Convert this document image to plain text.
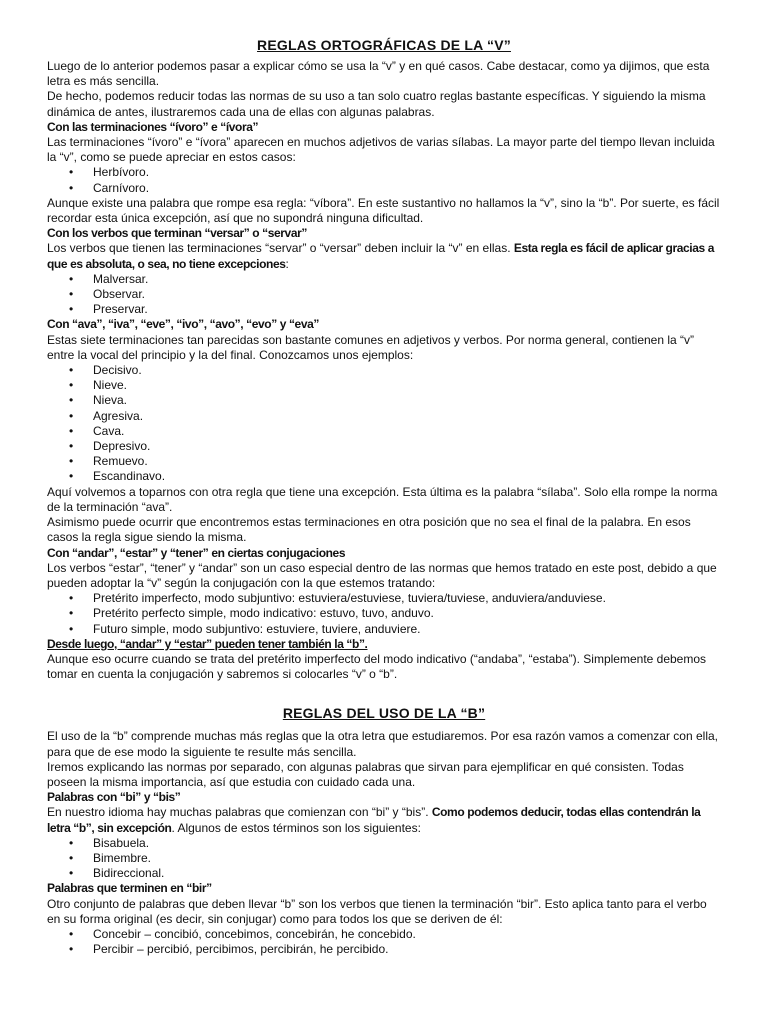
REGLAS ORTOGRÁFICAS DE LA “V”

Luego de lo anterior podemos pasar a explicar cómo se usa la “v” y en qué casos. Cabe destacar, como ya dijimos, que esta letra es más sencilla.

De hecho, podemos reducir todas las normas de su uso a tan solo cuatro reglas bastante específicas. Y siguiendo la misma dinámica de antes, ilustraremos cada una de ellas con algunas palabras.

Con las terminaciones “ívoro” e “ívora”

Las terminaciones “ívoro” e “ívora” aparecen en muchos adjetivos de varias sílabas. La mayor parte del tiempo llevan incluida la “v”, como se puede apreciar en estos casos:

• Herbívoro.
• Carnívoro.

Aunque existe una palabra que rompe esa regla: “víbora”. En este sustantivo no hallamos la “v”, sino la “b”. Por suerte, es fácil recordar esta única excepción, así que no supondrá ninguna dificultad.

Con los verbos que terminan “versar” o “servar”

Los verbos que tienen las terminaciones “servar” o “versar” deben incluir la “v” en ellas. Esta regla es fácil de aplicar gracias a que es absoluta, o sea, no tiene excepciones:

• Malversar.
• Observar.
• Preservar.

Con “ava”, “iva”, “eve”, “ivo”, “avo”, “evo” y “eva”

Estas siete terminaciones tan parecidas son bastante comunes en adjetivos y verbos. Por norma general, contienen la “v” entre la vocal del principio y la del final. Conozcamos unos ejemplos:

• Decisivo.
• Nieve.
• Nieva.
• Agresiva.
• Cava.
• Depresivo.
• Remuevo.
• Escandinavo.

Aquí volvemos a toparnos con otra regla que tiene una excepción. Esta última es la palabra “sílaba”. Solo ella rompe la norma de la terminación “ava”.

Asimismo puede ocurrir que encontremos estas terminaciones en otra posición que no sea el final de la palabra. En esos casos la regla sigue siendo la misma.

Con “andar”, “estar” y “tener” en ciertas conjugaciones

Los verbos “estar”, “tener” y “andar” son un caso especial dentro de las normas que hemos tratado en este post, debido a que pueden adoptar la “v” según la conjugación con la que estemos tratando:

• Pretérito imperfecto, modo subjuntivo: estuviera/estuviese, tuviera/tuviese, anduviera/anduviese.
• Pretérito perfecto simple, modo indicativo: estuvo, tuvo, anduvo.
• Futuro simple, modo subjuntivo: estuviere, tuviere, anduviere.

Desde luego, “andar” y “estar” pueden tener también la “b”.

Aunque eso ocurre cuando se trata del pretérito imperfecto del modo indicativo (“andaba”, “estaba”). Simplemente debemos tomar en cuenta la conjugación y sabremos si colocarles “v” o “b”.

REGLAS DEL USO DE LA “B”

El uso de la “b” comprende muchas más reglas que la otra letra que estudiaremos. Por esa razón vamos a comenzar con ella, para que de ese modo la siguiente te resulte más sencilla.

Iremos explicando las normas por separado, con algunas palabras que sirvan para ejemplificar en qué consisten. Todas poseen la misma importancia, así que estudia con cuidado cada una.

Palabras con “bi” y “bis”

En nuestro idioma hay muchas palabras que comienzan con “bi” y “bis”. Como podemos deducir, todas ellas contendrán la letra “b”, sin excepción. Algunos de estos términos son los siguientes:

• Bisabuela.
• Bimembre.
• Bidireccional.

Palabras que terminen en “bir”

Otro conjunto de palabras que deben llevar “b” son los verbos que tienen la terminación “bir”. Esto aplica tanto para el verbo en su forma original (es decir, sin conjugar) como para todos los que se deriven de él:

• Concebir – concibió, concebimos, concebirán, he concebido.
• Percibir – percibió, percibimos, percibirán, he percibido.
